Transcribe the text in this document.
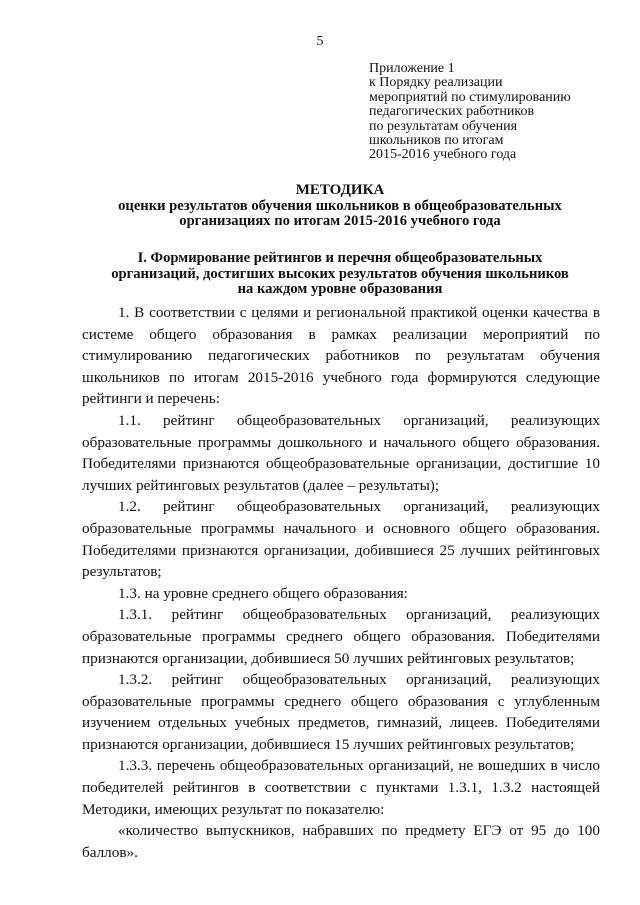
5
Приложение 1
к Порядку реализации
мероприятий по стимулированию
педагогических работников
по результатам обучения
школьников по итогам
2015-2016 учебного года
МЕТОДИКА
оценки результатов обучения школьников в общеобразовательных
организациях по итогам 2015-2016 учебного года
I. Формирование рейтингов и перечня общеобразовательных
организаций, достигших высоких результатов обучения школьников
на каждом уровне образования

1. В соответствии с целями и региональной практикой оценки качества в системе общего образования в рамках реализации мероприятий по стимулированию педагогических работников по результатам обучения школьников по итогам 2015-2016 учебного года формируются следующие рейтинги и перечень:

1.1. рейтинг общеобразовательных организаций, реализующих образовательные программы дошкольного и начального общего образования. Победителями признаются общеобразовательные организации, достигшие 10 лучших рейтинговых результатов (далее – результаты);

1.2. рейтинг общеобразовательных организаций, реализующих образовательные программы начального и основного общего образования. Победителями признаются организации, добившиеся 25 лучших рейтинговых результатов;

1.3. на уровне среднего общего образования:

1.3.1. рейтинг общеобразовательных организаций, реализующих образовательные программы среднего общего образования. Победителями признаются организации, добившиеся 50 лучших рейтинговых результатов;

1.3.2. рейтинг общеобразовательных организаций, реализующих образовательные программы среднего общего образования с углубленным изучением отдельных учебных предметов, гимназий, лицеев. Победителями признаются организации, добившиеся 15 лучших рейтинговых результатов;

1.3.3. перечень общеобразовательных организаций, не вошедших в число победителей рейтингов в соответствии с пунктами 1.3.1, 1.3.2 настоящей Методики, имеющих результат по показателю:

«количество выпускников, набравших по предмету ЕГЭ от 95 до 100 баллов».
